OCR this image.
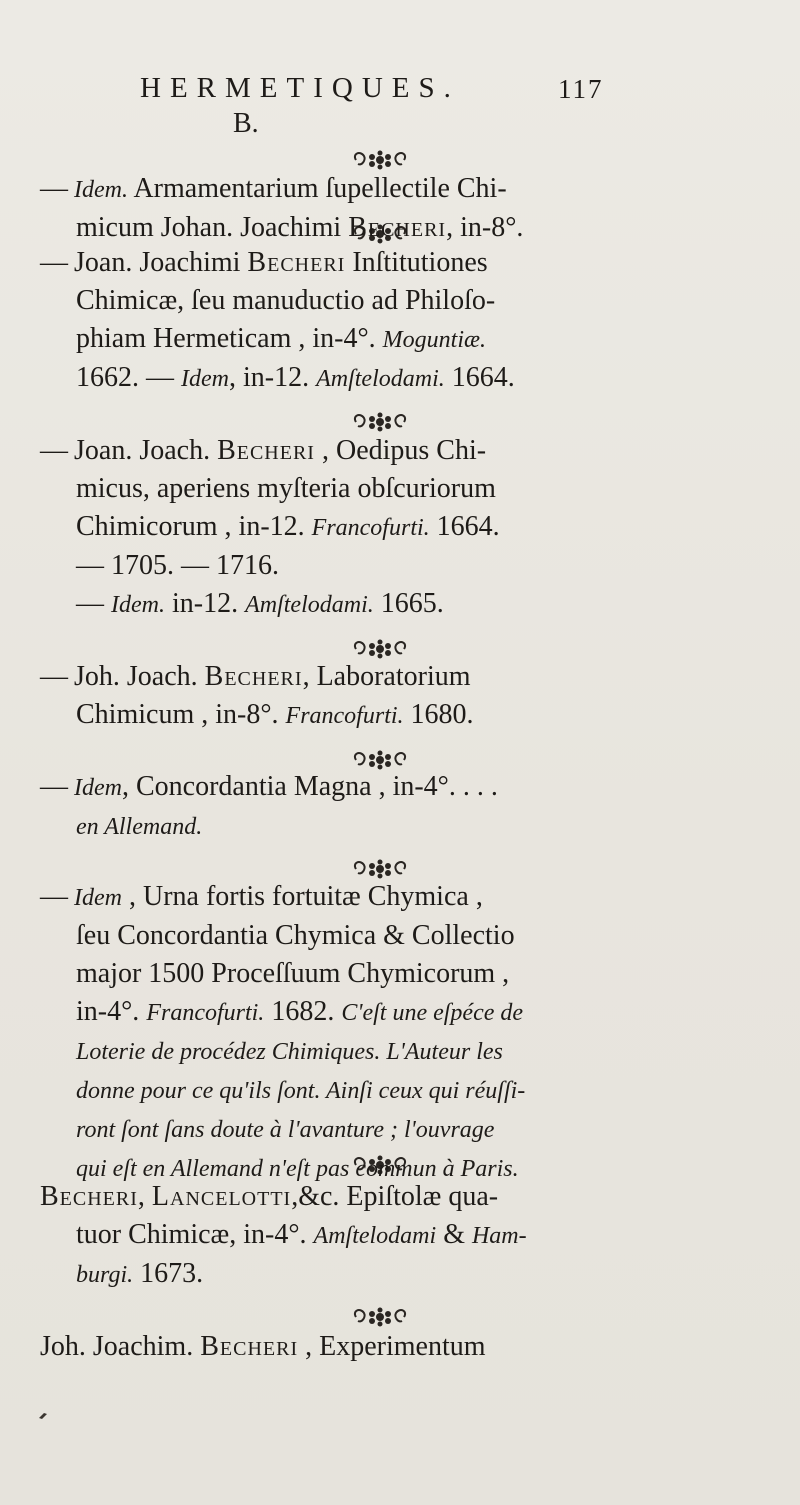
HERMETIQUES.	117
B.
— Idem. Armamentarium ſupellectile Chi-
micum Johan. Joachimi Becheri, in-8°.
— Joan. Joachimi Becheri Inſtitutiones
Chimicæ, ſeu manuductio ad Philoſo-
phiam Hermeticam , in-4°. Moguntiæ.
1662. — Idem, in-12. Amſtelodami. 1664.
— Joan. Joach. Becheri , Oedipus Chi-
micus, aperiens myſteria obſcuriorum
Chimicorum , in-12. Francofurti. 1664.
— 1705. — 1716.
— Idem. in-12. Amſtelodami. 1665.
— Joh. Joach. Becheri, Laboratorium
Chimicum , in-8°. Francofurti. 1680.
— Idem, Concordantia Magna , in-4°. . . .
en Allemand.
— Idem , Urna fortis fortuitæ Chymica ,
ſeu Concordantia Chymica & Collectio
major 1500 Proceſſuum Chymicorum ,
in-4°. Francofurti. 1682. C'eſt une eſpéce de
Loterie de procédez Chimiques. L'Auteur les
donne pour ce qu'ils ſont. Ainſi ceux qui réuſſi-
ront ſont ſans doute à l'avanture ; l'ouvrage
qui eſt en Allemand n'eſt pas commun à Paris.
Becheri, Lancelotti,&c. Epiſtolæ qua-
tuor Chimicæ, in-4°. Amſtelodami & Ham-
burgi. 1673.
Joh. Joachim. Becheri , Experimentum
